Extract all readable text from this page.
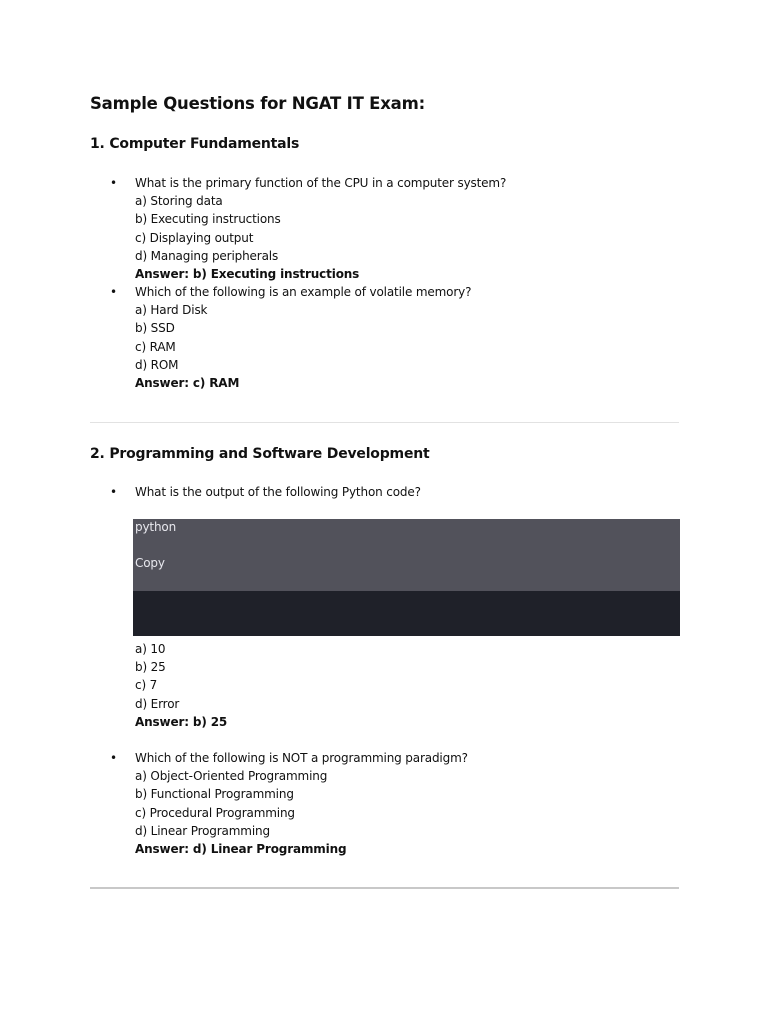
Sample Questions for NGAT IT Exam:
1. Computer Fundamentals
• What is the primary function of the CPU in a computer system?
a) Storing data
b) Executing instructions
c) Displaying output
d) Managing peripherals
Answer: b) Executing instructions
• Which of the following is an example of volatile memory?
a) Hard Disk
b) SSD
c) RAM
d) ROM
Answer: c) RAM
2. Programming and Software Development
• What is the output of the following Python code?
python
Copy
a) 10
b) 25
c) 7
d) Error
Answer: b) 25
• Which of the following is NOT a programming paradigm?
a) Object-Oriented Programming
b) Functional Programming
c) Procedural Programming
d) Linear Programming
Answer: d) Linear Programming
